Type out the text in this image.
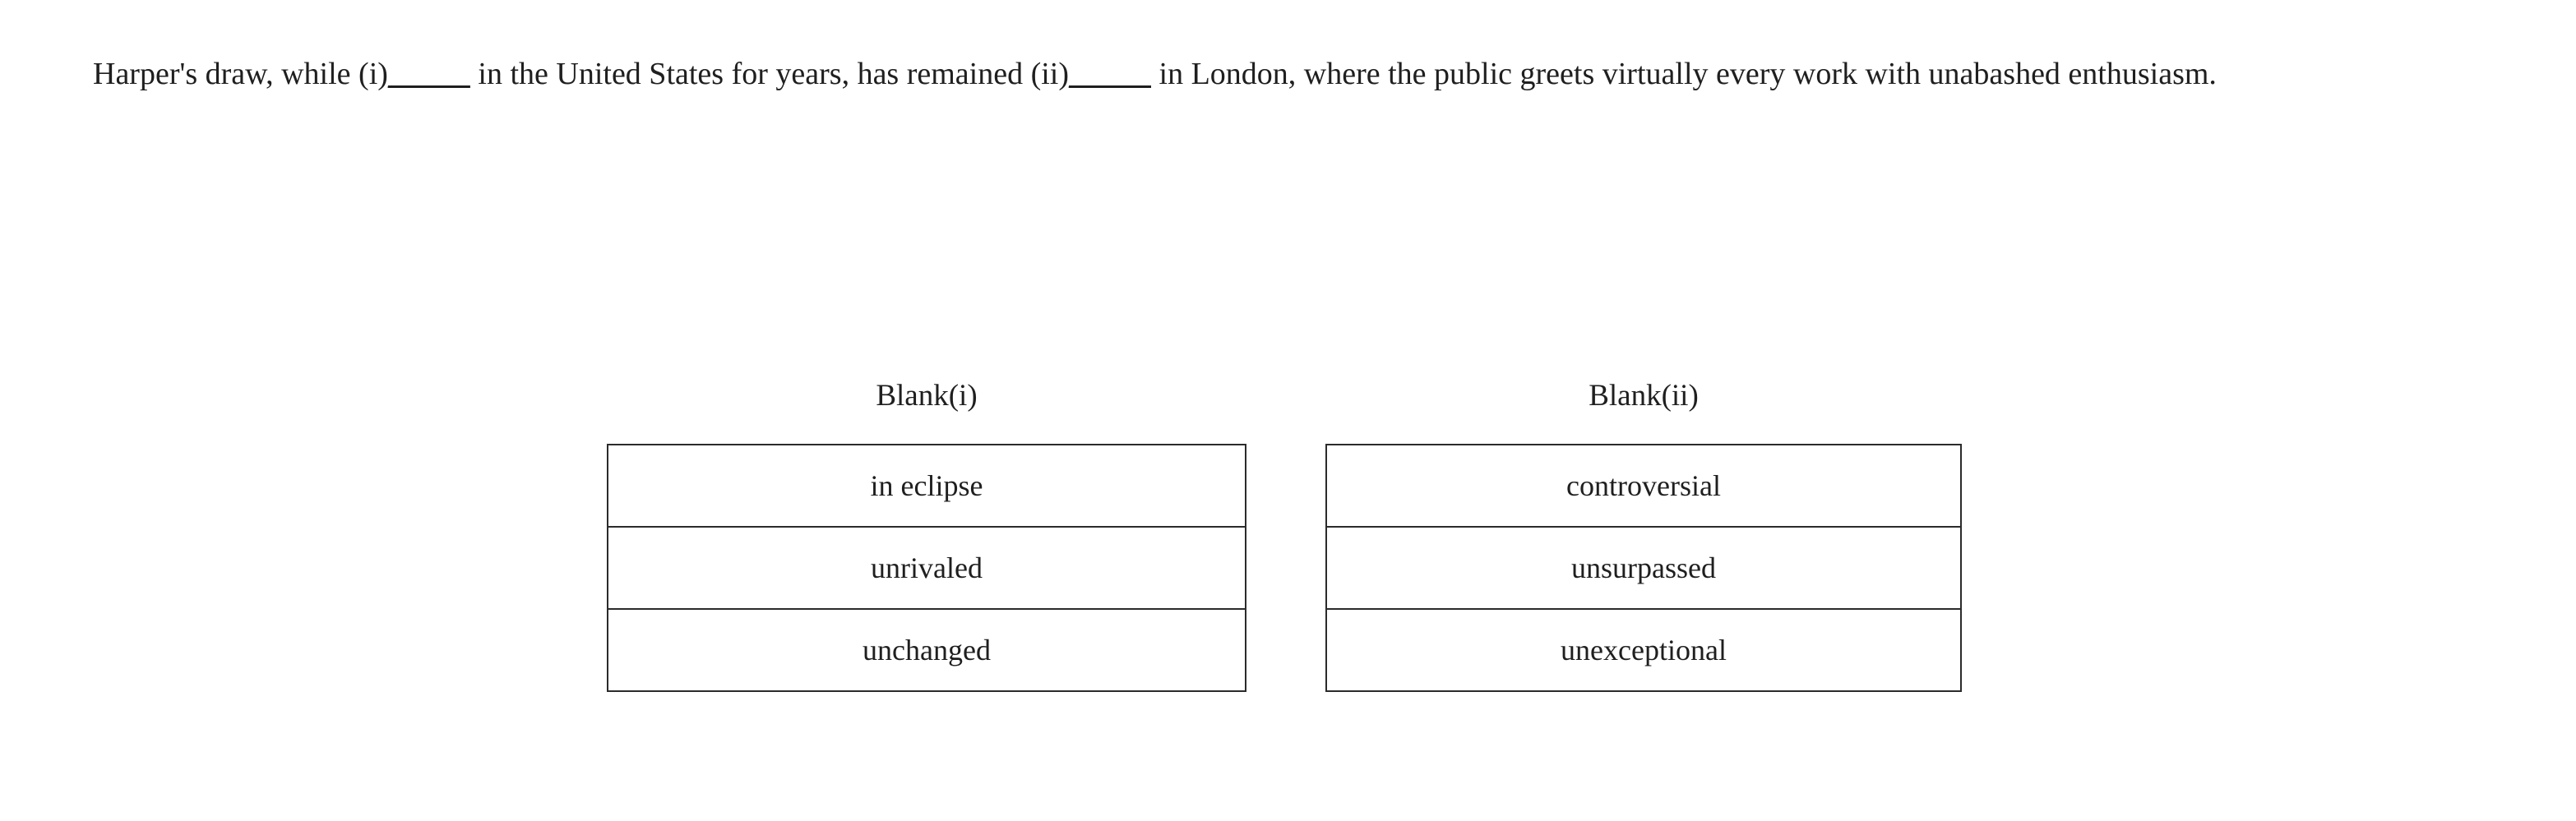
Harper's draw, while (i)_____ in the United States for years, has remained (ii)_____ in London, where the public greets virtually every work with unabashed enthusiasm.
Blank(i)
in eclipse
unrivaled
unchanged
Blank(ii)
controversial
unsurpassed
unexceptional
